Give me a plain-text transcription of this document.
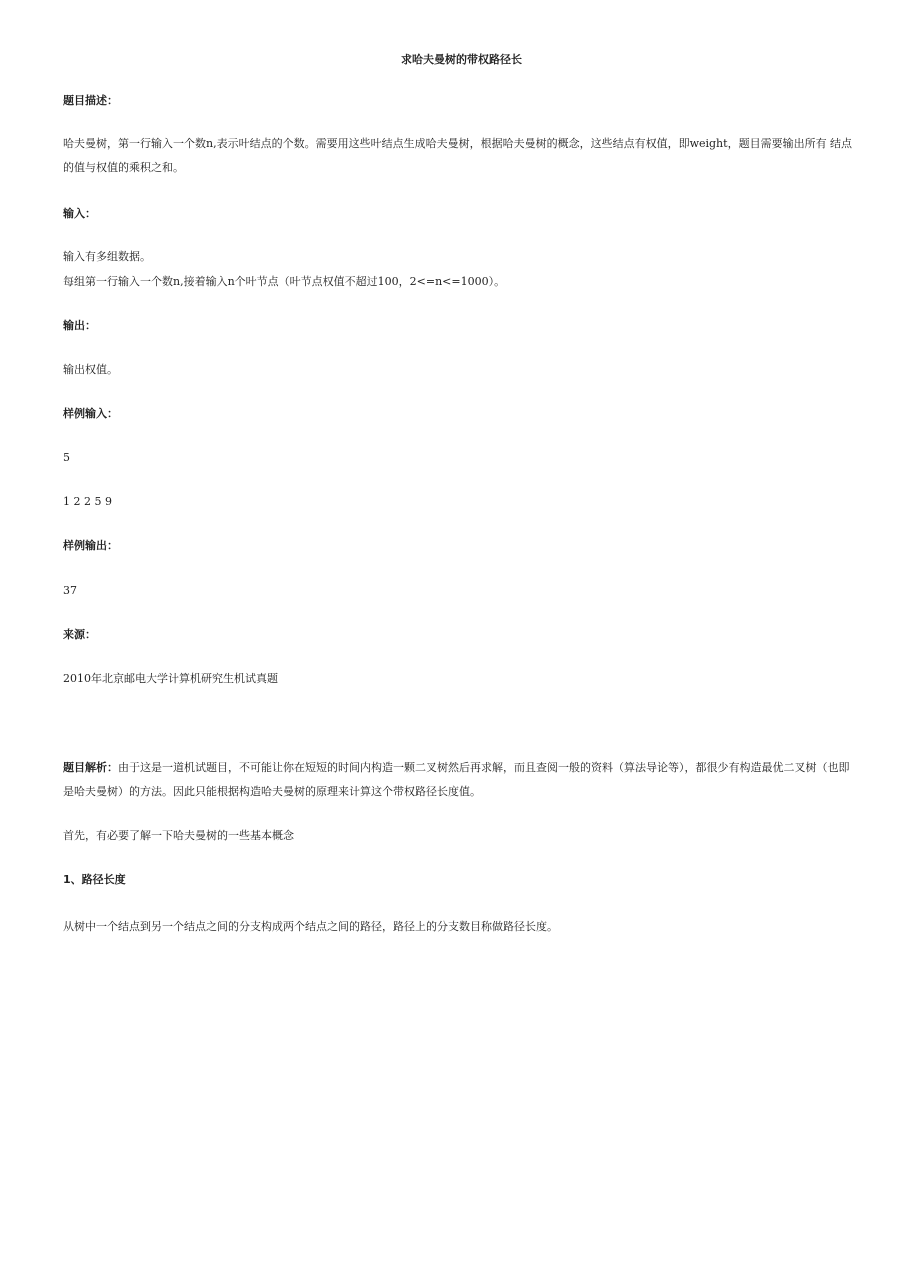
求哈夫曼树的带权路径长
题目描述：
哈夫曼树，第一行输入一个数n,表示叶结点的个数。需要用这些叶结点生成哈夫曼树，根据哈夫曼树的概念，这些结点有权值，即weight，题目需要输出所有 结点的值与权值的乘积之和。
输入：
输入有多组数据。
每组第一行输入一个数n,接着输入n个叶节点（叶节点权值不超过100，2<=n<=1000）。
输出：
输出权值。
样例输入：
5
1 2 2 5 9
样例输出：
37
来源：
2010年北京邮电大学计算机研究生机试真题
题目解析：由于这是一道机试题目，不可能让你在短短的时间内构造一颗二叉树然后再求解，而且查阅一般的资料（算法导论等），都很少有构造最优二叉树（也即是哈夫曼树）的方法。因此只能根据构造哈夫曼树的原理来计算这个带权路径长度值。
首先，有必要了解一下哈夫曼树的一些基本概念
1、路径长度
从树中一个结点到另一个结点之间的分支构成两个结点之间的路径，路径上的分支数目称做路径长度。
